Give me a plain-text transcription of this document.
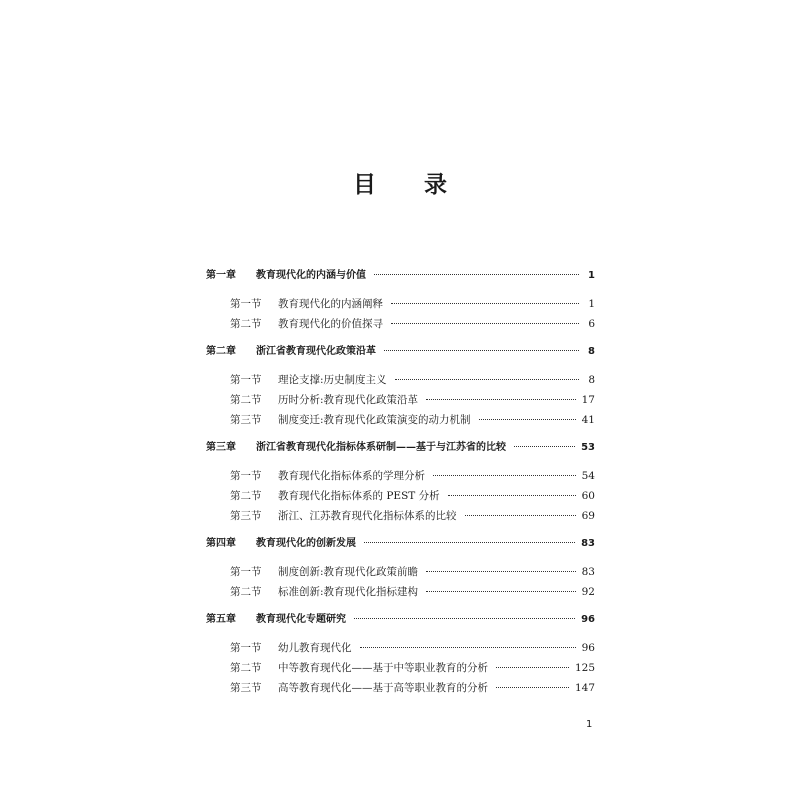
目 录
第一章	教育现代化的内涵与价值	1
第一节	教育现代化的内涵阐释	1
第二节	教育现代化的价值探寻	6
第二章	浙江省教育现代化政策沿革	8
第一节	理论支撑:历史制度主义	8
第二节	历时分析:教育现代化政策沿革	17
第三节	制度变迁:教育现代化政策演变的动力机制	41
第三章	浙江省教育现代化指标体系研制——基于与江苏省的比较	53
第一节	教育现代化指标体系的学理分析	54
第二节	教育现代化指标体系的 PEST 分析	60
第三节	浙江、江苏教育现代化指标体系的比较	69
第四章	教育现代化的创新发展	83
第一节	制度创新:教育现代化政策前瞻	83
第二节	标准创新:教育现代化指标建构	92
第五章	教育现代化专题研究	96
第一节	幼儿教育现代化	96
第二节	中等教育现代化——基于中等职业教育的分析	125
第三节	高等教育现代化——基于高等职业教育的分析	147
1
